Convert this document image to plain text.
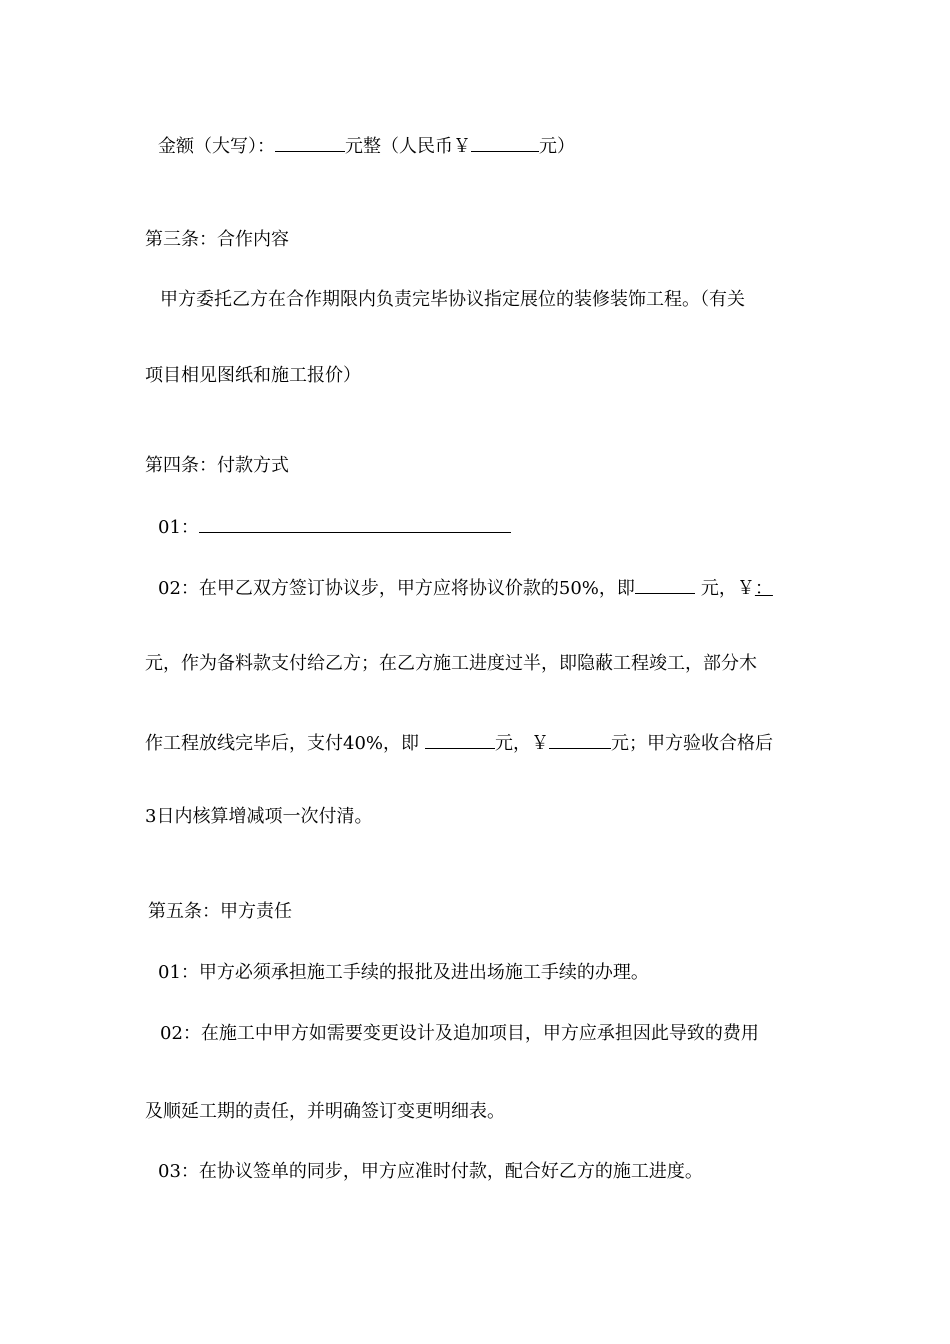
金额（大写）：	元整（人民币￥	元）
第三条：合作内容
甲方委托乙方在合作期限内负责完毕协议指定展位的装修装饰工程。（有关
项目相见图纸和施工报价）
第四条：付款方式
01：
02：在甲乙双方签订协议步，甲方应将协议价款的50%，即	元，￥：
元，作为备料款支付给乙方；在乙方施工进度过半，即隐蔽工程竣工，部分木
作工程放线完毕后，支付40%，即	元，￥	元；甲方验收合格后
3日内核算增减项一次付清。
第五条：甲方责任
01：甲方必须承担施工手续的报批及进出场施工手续的办理。
02：在施工中甲方如需要变更设计及追加项目，甲方应承担因此导致的费用
及顺延工期的责任，并明确签订变更明细表。
03：在协议签单的同步，甲方应准时付款，配合好乙方的施工进度。
